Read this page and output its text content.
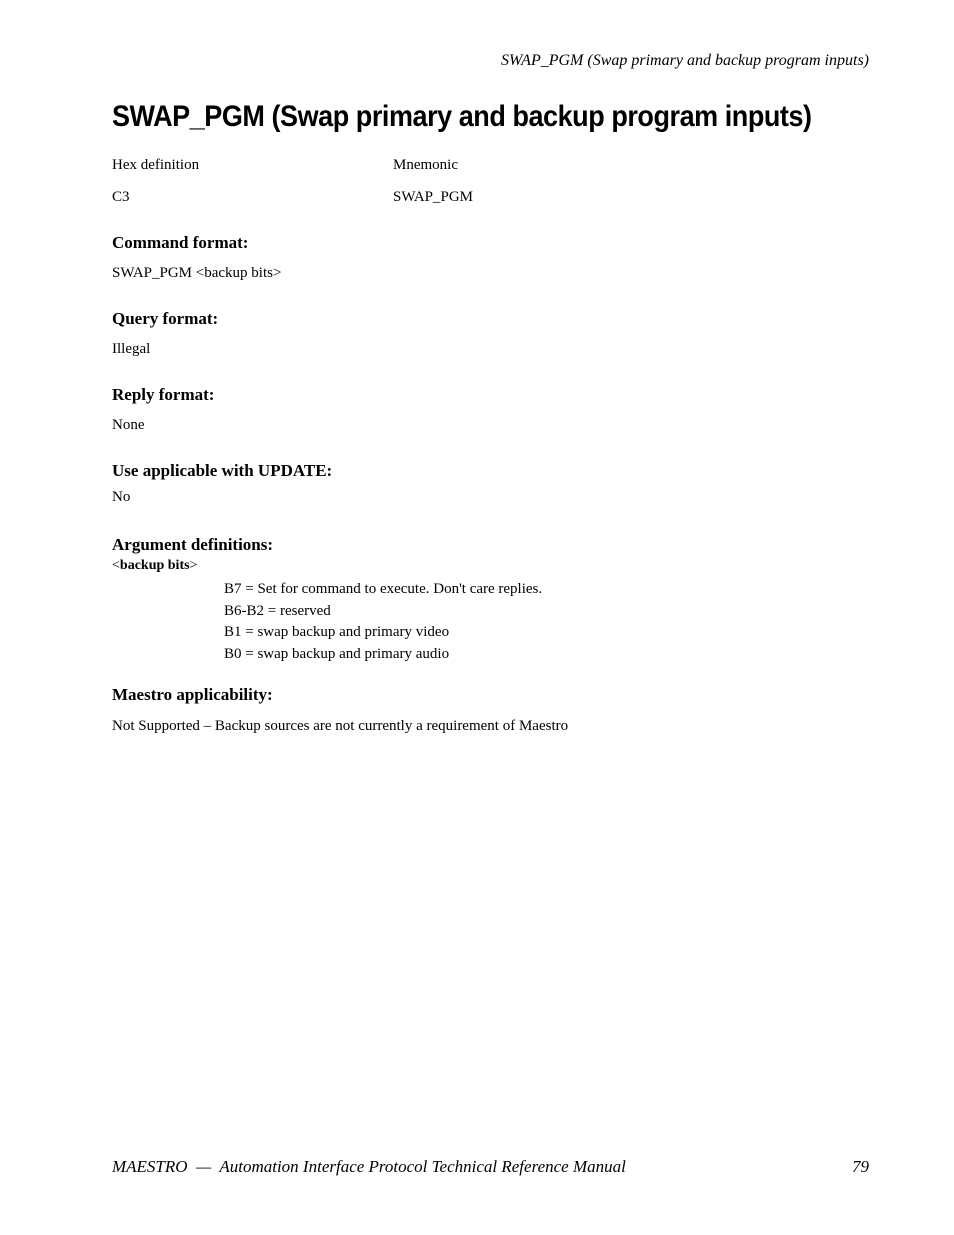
SWAP_PGM (Swap primary and backup program inputs)
SWAP_PGM (Swap primary and backup program inputs)
Hex definition	Mnemonic
C3	SWAP_PGM
Command format:
SWAP_PGM <backup bits>
Query format:
Illegal
Reply format:
None
Use applicable with UPDATE:
No
Argument definitions:
<backup bits>
B7 = Set for command to execute. Don't care replies.
B6-B2 = reserved
B1 = swap backup and primary video
B0 = swap backup and primary audio
Maestro applicability:
Not Supported – Backup sources are not currently a requirement of Maestro
MAESTRO  —  Automation Interface Protocol Technical Reference Manual	79
